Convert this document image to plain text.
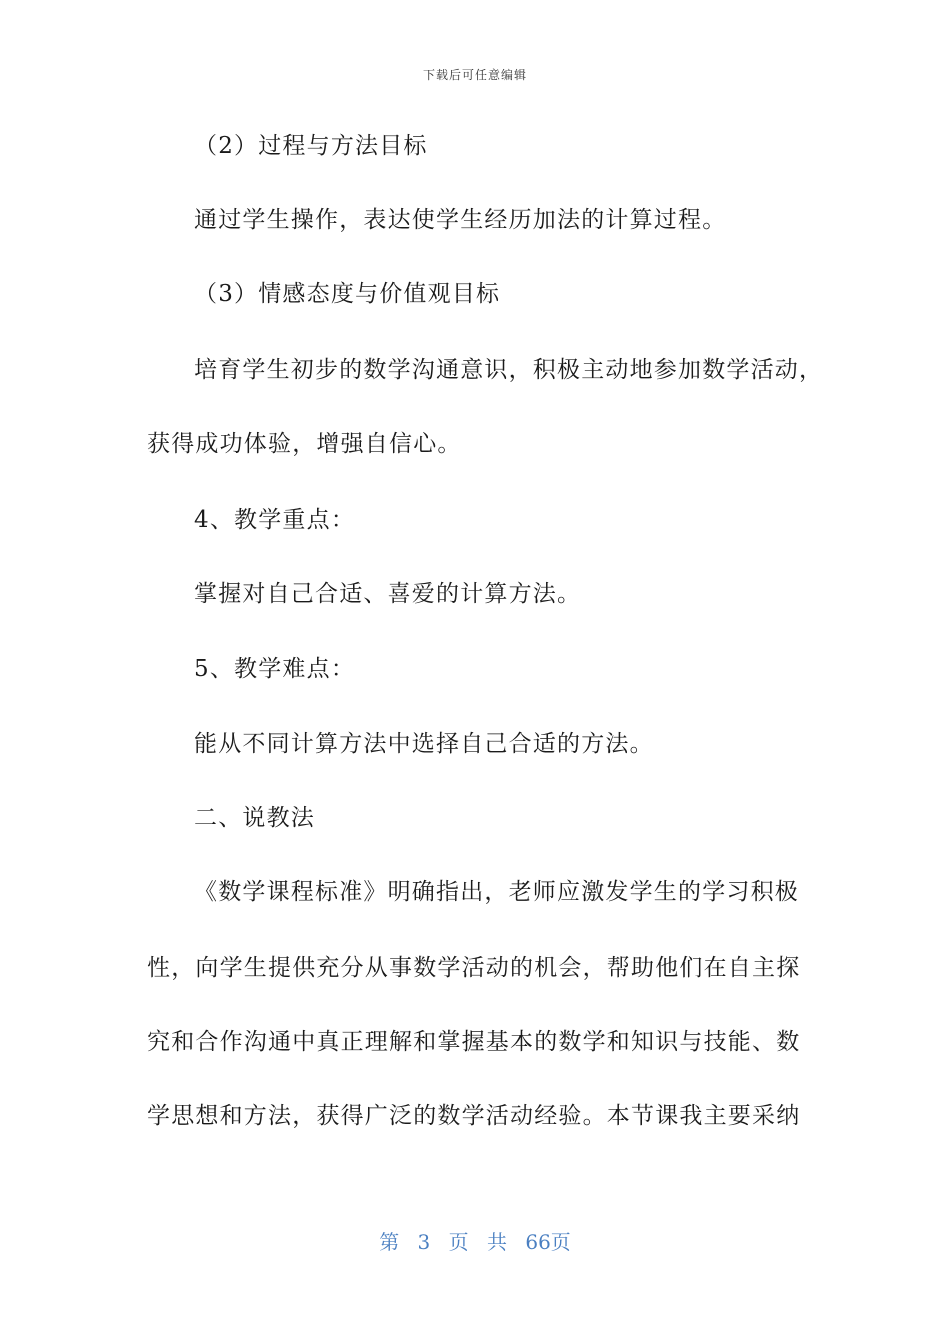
下载后可任意编辑
（2）过程与方法目标
通过学生操作，表达使学生经历加法的计算过程。
（3）情感态度与价值观目标
培育学生初步的数学沟通意识，积极主动地参加数学活动，
获得成功体验，增强自信心。
4、教学重点：
掌握对自己合适、喜爱的计算方法。
5、教学难点：
能从不同计算方法中选择自己合适的方法。
二、说教法
《数学课程标准》明确指出，老师应激发学生的学习积极
性，向学生提供充分从事数学活动的机会，帮助他们在自主探
究和合作沟通中真正理解和掌握基本的数学和知识与技能、数
学思想和方法，获得广泛的数学活动经验。本节课我主要采纳
第 3 页 共 66页
